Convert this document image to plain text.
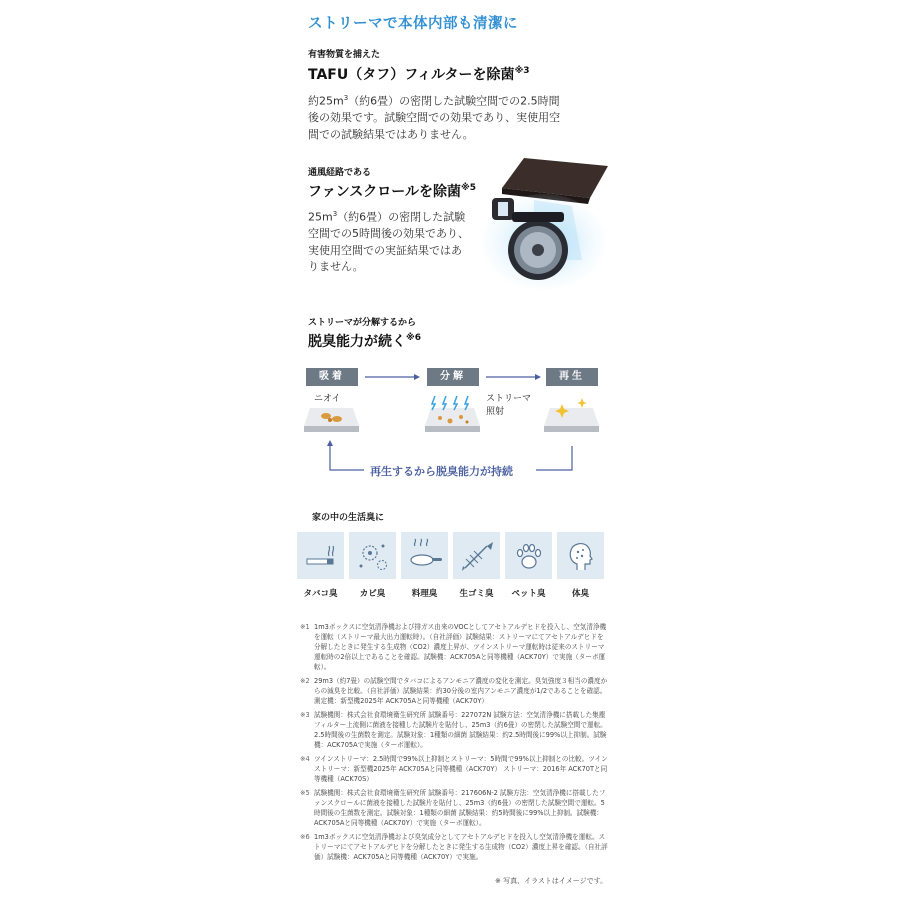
ストリーマで本体内部も清潔に
有害物質を捕えた
TAFU（タフ）フィルターを除菌$^{※3}$
約$25m^3$（約6畳）の密閉した試験空間での2.5時間
後の効果です。試験空間での効果であり、実使用空
間での試験結果ではありません。
通風経路である
ファンスクロールを除菌$^{※5}$
$25m^3$（約6畳）の密閉した試験
空間での5時間後の効果であり、
実使用空間での実証結果ではあ
りません。
ストリーマが分解するから
脱臭能力が続く$^{※6}$
吸着	分解	再生
ニオイ	ストリーマ
照射
再生するから脱臭能力が持続
家の中の生活臭に
タバコ臭	カビ臭	料理臭	生ゴミ臭	ペット臭	体臭
※1 1m3ボックスに空気清浄機および排ガス由来のVOCとしてアセトアルデヒドを投入し、空気清浄機を運転（ストリーマ最大出力運転時）。（自社評価）試験結果：ストリーマにてアセトアルデヒドを分解したときに発生する生成物（CO2）濃度上昇が、ツインストリーマ運転時は従来のストリーマ運転時の2倍以上であることを確認。試験機：ACK705Aと同等機種（ACK70Y）で実施（ターボ運転）。
※2 29m3（約7畳）の試験空間でタバコによるアンモニア濃度の変化を測定。臭気強度３相当の濃度からの減臭を比較。（自社評価）試験結果：約30分後の室内アンモニア濃度が1/2であることを確認。測定機：新型機2025年 ACK705Aと同等機種（ACK70Y）
※3 試験機関：株式会社食環境衛生研究所 試験番号：227072N 試験方法：空気清浄機に搭載した集塵フィルター上流側に菌液を接種した試験片を貼付し、25m3（約6畳）の密閉した試験空間で運転。2.5時間後の生菌数を測定。試験対象：1種類の細菌 試験結果：約2.5時間後に99%以上抑制。試験機：ACK705Aで実施（ターボ運転）。
※4 ツインストリーマ：2.5時間で99%以上抑制とストリーマ：5時間で99%以上抑制との比較。ツインストリーマ：新型機2025年 ACK705Aと同等機種（ACK70Y） ストリーマ：2016年 ACK70Tと同等機種（ACK70S）
※5 試験機関：株式会社食環境衛生研究所 試験番号：217606N-2 試験方法：空気清浄機に搭載したファンスクロールに菌液を接種した試験片を貼付し、25m3（約6畳）の密閉した試験空間で運転。5時間後の生菌数を測定。試験対象：1種類の細菌 試験結果：約5時間後に99%以上抑制。試験機：ACK705Aと同等機種（ACK70Y）で実施（ターボ運転）。
※6 1m3ボックスに空気清浄機および臭気成分としてアセトアルデヒドを投入し空気清浄機を運転。ストリーマにてアセトアルデヒドを分解したときに発生する生成物（CO2）濃度上昇を確認。（自社評価）試験機：ACK705Aと同等機種（ACK70Y）で実施。
※ 写真、イラストはイメージです。
